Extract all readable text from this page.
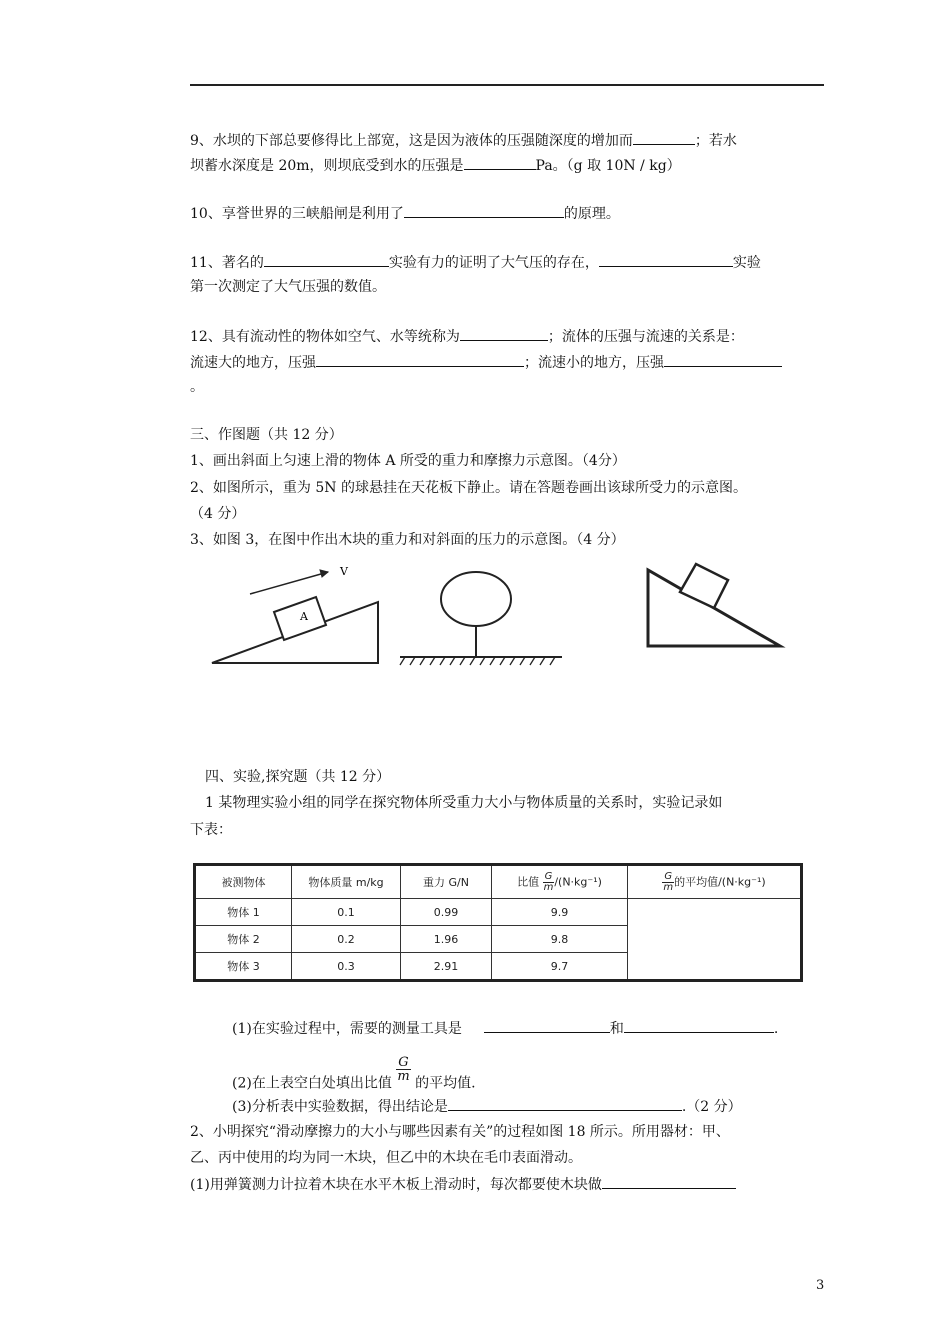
9、水坝的下部总要修得比上部宽，这是因为液体的压强随深度的增加而	；若水
坝蓄水深度是 20m，则坝底受到水的压强是	Pa。（g 取 10N / kg）
10、享誉世界的三峡船闸是利用了	的原理。
11、著名的	实验有力的证明了大气压的存在，	实验
第一次测定了大气压强的数值。
12、具有流动性的物体如空气、水等统称为	；流体的压强与流速的关系是：
流速大的地方，压强	；流速小的地方，压强
。
三、作图题（共 12 分）
1、画出斜面上匀速上滑的物体 A 所受的重力和摩擦力示意图。（4分）
2、如图所示，重为 5N 的球悬挂在天花板下静止。请在答题卷画出该球所受力的示意图。
（4 分）
3、如图 3，在图中作出木块的重力和对斜面的压力的示意图。（4 分）
V
A
四、实验,探究题（共 12 分）
1 某物理实验小组的同学在探究物体所受重力大小与物体质量的关系时，实验记录如
下表：
被测物体	物体质量 m/kg	重力 G/N	比值 $\frac{G}{m} /(N\cdot kg^{-1})$	$\frac{G}{m}$ 的平均值/(N·kg⁻¹)
物体 1	0.1	0.99	9.9	
物体 2	0.2	1.96	9.8	
物体 3	0.3	2.91	9.7	
(1)在实验过程中，需要的测量工具是	和	.
(2)在上表空白处填出比值
$\frac{G}{m}$
的平均值.
(3)分析表中实验数据，得出结论是	.（2 分）
2、小明探究“滑动摩擦力的大小与哪些因素有关”的过程如图 18 所示。所用器材：甲、
乙、丙中使用的均为同一木块，但乙中的木块在毛巾表面滑动。
(1)用弹簧测力计拉着木块在水平木板上滑动时，每次都要使木块做
3
